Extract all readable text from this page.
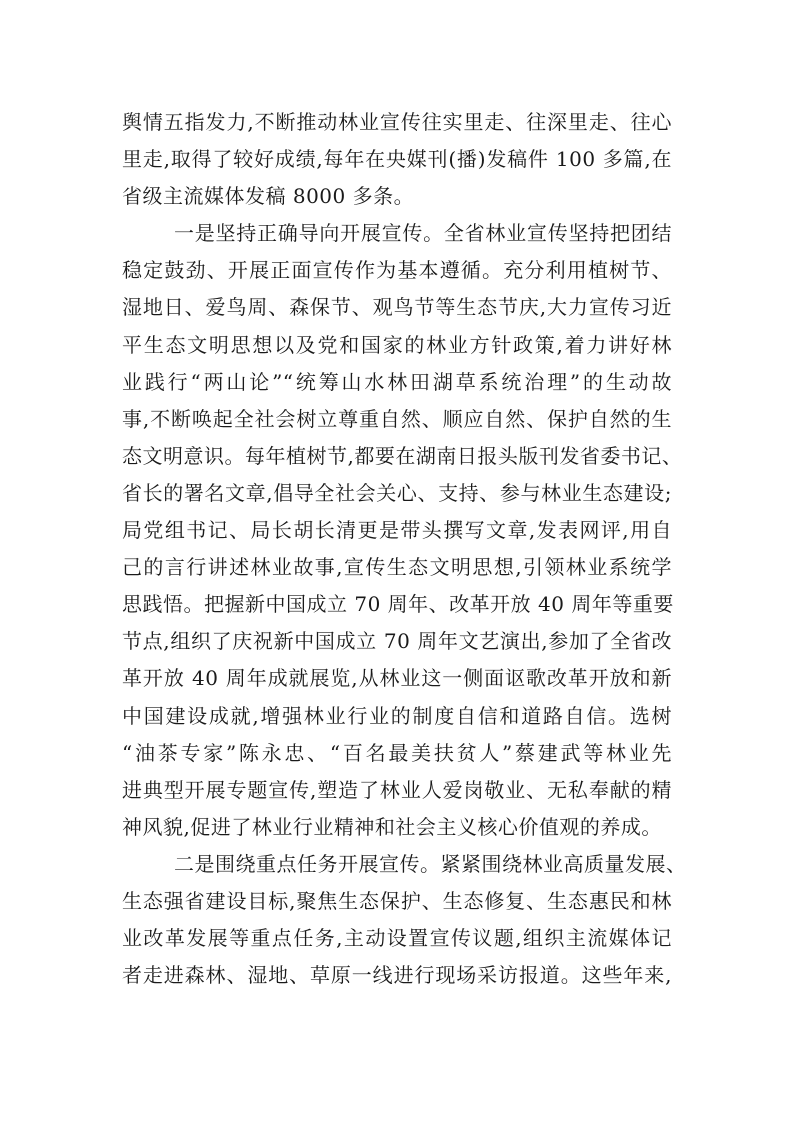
舆情五指发力,不断推动林业宣传往实里走、往深里走、往心
里走,取得了较好成绩,每年在央媒刊(播)发稿件 100 多篇,在
省级主流媒体发稿 8000 多条。
一是坚持正确导向开展宣传。全省林业宣传坚持把团结
稳定鼓劲、开展正面宣传作为基本遵循。充分利用植树节、
湿地日、爱鸟周、森保节、观鸟节等生态节庆,大力宣传习近
平生态文明思想以及党和国家的林业方针政策,着力讲好林
业践行“两山论”“统筹山水林田湖草系统治理”的生动故
事,不断唤起全社会树立尊重自然、顺应自然、保护自然的生
态文明意识。每年植树节,都要在湖南日报头版刊发省委书记、
省长的署名文章,倡导全社会关心、支持、参与林业生态建设;
局党组书记、局长胡长清更是带头撰写文章,发表网评,用自
己的言行讲述林业故事,宣传生态文明思想,引领林业系统学
思践悟。把握新中国成立 70 周年、改革开放 40 周年等重要
节点,组织了庆祝新中国成立 70 周年文艺演出,参加了全省改
革开放 40 周年成就展览,从林业这一侧面讴歌改革开放和新
中国建设成就,增强林业行业的制度自信和道路自信。选树
“油茶专家”陈永忠、“百名最美扶贫人”蔡建武等林业先
进典型开展专题宣传,塑造了林业人爱岗敬业、无私奉献的精
神风貌,促进了林业行业精神和社会主义核心价值观的养成。
二是围绕重点任务开展宣传。紧紧围绕林业高质量发展、
生态强省建设目标,聚焦生态保护、生态修复、生态惠民和林
业改革发展等重点任务,主动设置宣传议题,组织主流媒体记
者走进森林、湿地、草原一线进行现场采访报道。这些年来,
